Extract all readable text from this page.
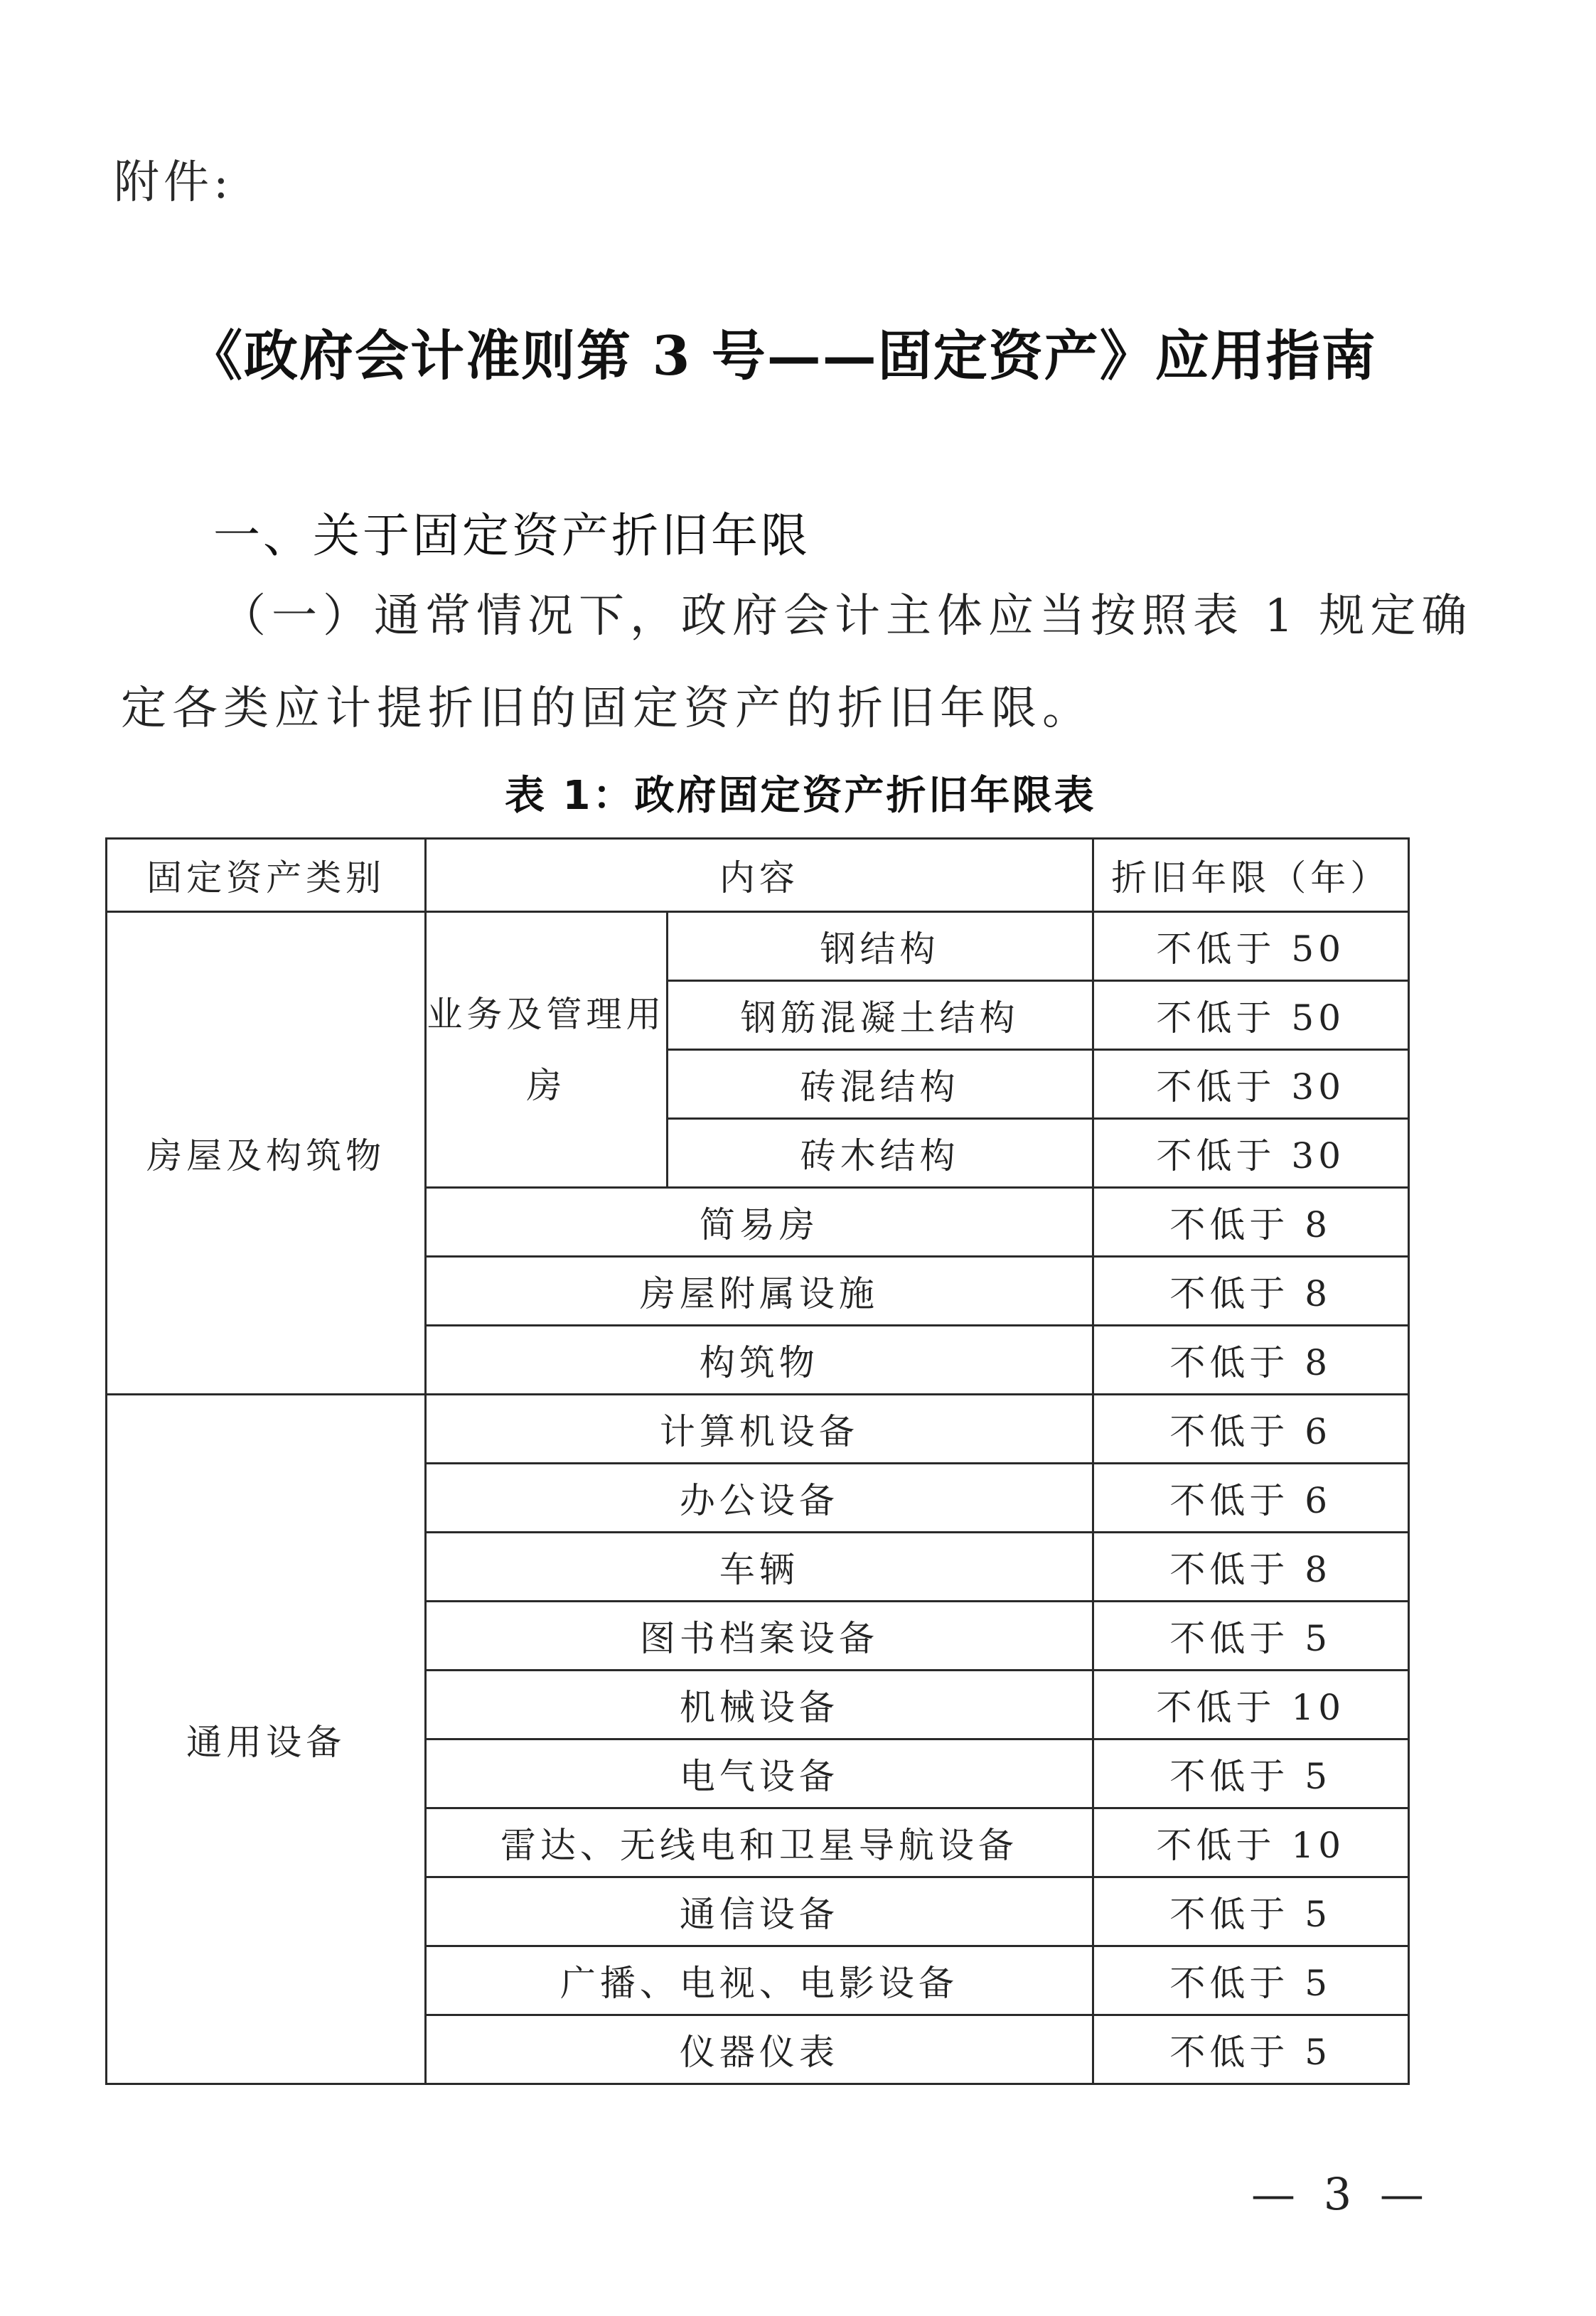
附件:
《政府会计准则第 3 号——固定资产》应用指南
一、关于固定资产折旧年限
（一）通常情况下，政府会计主体应当按照表 1 规定确
定各类应计提折旧的固定资产的折旧年限。
表 1：政府固定资产折旧年限表
固定资产类别	内容		折旧年限（年）
房屋及构筑物	业务及管理用房	钢结构	不低于 50
		钢筋混凝土结构	不低于 50
		砖混结构	不低于 30
		砖木结构	不低于 30
	简易房		不低于 8
	房屋附属设施		不低于 8
	构筑物		不低于 8
通用设备	计算机设备		不低于 6
	办公设备		不低于 6
	车辆		不低于 8
	图书档案设备		不低于 5
	机械设备		不低于 10
	电气设备		不低于 5
	雷达、无线电和卫星导航设备		不低于 10
	通信设备		不低于 5
	广播、电视、电影设备		不低于 5
	仪器仪表		不低于 5
— 3 —
